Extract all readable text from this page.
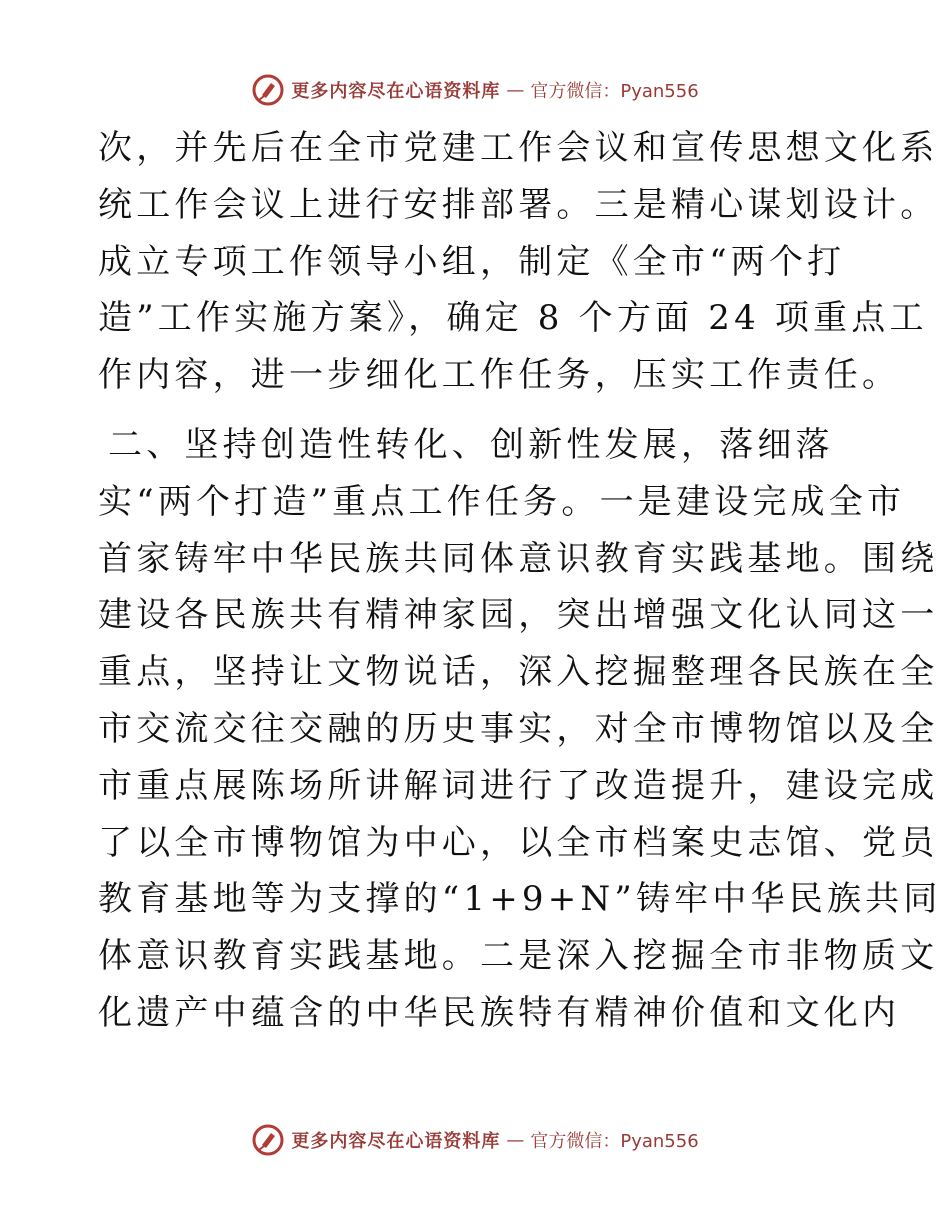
更多内容尽在心语资料库 — 官方微信：Pyan556
次，并先后在全市党建工作会议和宣传思想文化系
统工作会议上进行安排部署。三是精心谋划设计。
成立专项工作领导小组，制定《全市“两个打
造”工作实施方案》，确定 8 个方面 24 项重点工
作内容，进一步细化工作任务，压实工作责任。
二、坚持创造性转化、创新性发展，落细落
实“两个打造”重点工作任务。一是建设完成全市
首家铸牢中华民族共同体意识教育实践基地。围绕
建设各民族共有精神家园，突出增强文化认同这一
重点，坚持让文物说话，深入挖掘整理各民族在全
市交流交往交融的历史事实，对全市博物馆以及全
市重点展陈场所讲解词进行了改造提升，建设完成
了以全市博物馆为中心，以全市档案史志馆、党员
教育基地等为支撑的“1+9+N”铸牢中华民族共同
体意识教育实践基地。二是深入挖掘全市非物质文
化遗产中蕴含的中华民族特有精神价值和文化内
更多内容尽在心语资料库 — 官方微信：Pyan556
